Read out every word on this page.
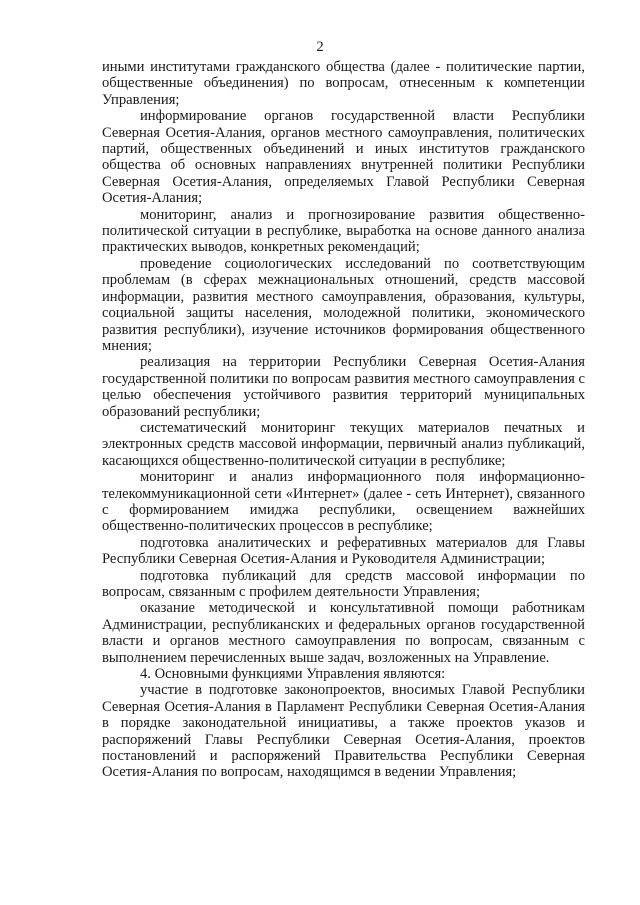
2

иными институтами гражданского общества (далее - политические партии, общественные объединения) по вопросам, отнесенным к компетенции Управления;

информирование органов государственной власти Республики Северная Осетия-Алания, органов местного самоуправления, политических партий, общественных объединений и иных институтов гражданского общества об основных направлениях внутренней политики Республики Северная Осетия-Алания, определяемых Главой Республики Северная Осетия-Алания;

мониторинг, анализ и прогнозирование развития общественно-политической ситуации в республике, выработка на основе данного анализа практических выводов, конкретных рекомендаций;

проведение социологических исследований по соответствующим проблемам (в сферах межнациональных отношений, средств массовой информации, развития местного самоуправления, образования, культуры, социальной защиты населения, молодежной политики, экономического развития республики), изучение источников формирования общественного мнения;

реализация на территории Республики Северная Осетия-Алания государственной политики по вопросам развития местного самоуправления с целью обеспечения устойчивого развития территорий муниципальных образований республики;

систематический мониторинг текущих материалов печатных и электронных средств массовой информации, первичный анализ публикаций, касающихся общественно-политической ситуации в республике;

мониторинг и анализ информационного поля информационно-телекоммуникационной сети «Интернет» (далее - сеть Интернет), связанного с формированием имиджа республики, освещением важнейших общественно-политических процессов в республике;

подготовка аналитических и реферативных материалов для Главы Республики Северная Осетия-Алания и Руководителя Администрации;

подготовка публикаций для средств массовой информации по вопросам, связанным с профилем деятельности Управления;

оказание методической и консультативной помощи работникам Администрации, республиканских и федеральных органов государственной власти и органов местного самоуправления по вопросам, связанным с выполнением перечисленных выше задач, возложенных на Управление.

4. Основными функциями Управления являются:

участие в подготовке законопроектов, вносимых Главой Республики Северная Осетия-Алания в Парламент Республики Северная Осетия-Алания в порядке законодательной инициативы, а также проектов указов и распоряжений Главы Республики Северная Осетия-Алания, проектов постановлений и распоряжений Правительства Республики Северная Осетия-Алания по вопросам, находящимся в ведении Управления;
